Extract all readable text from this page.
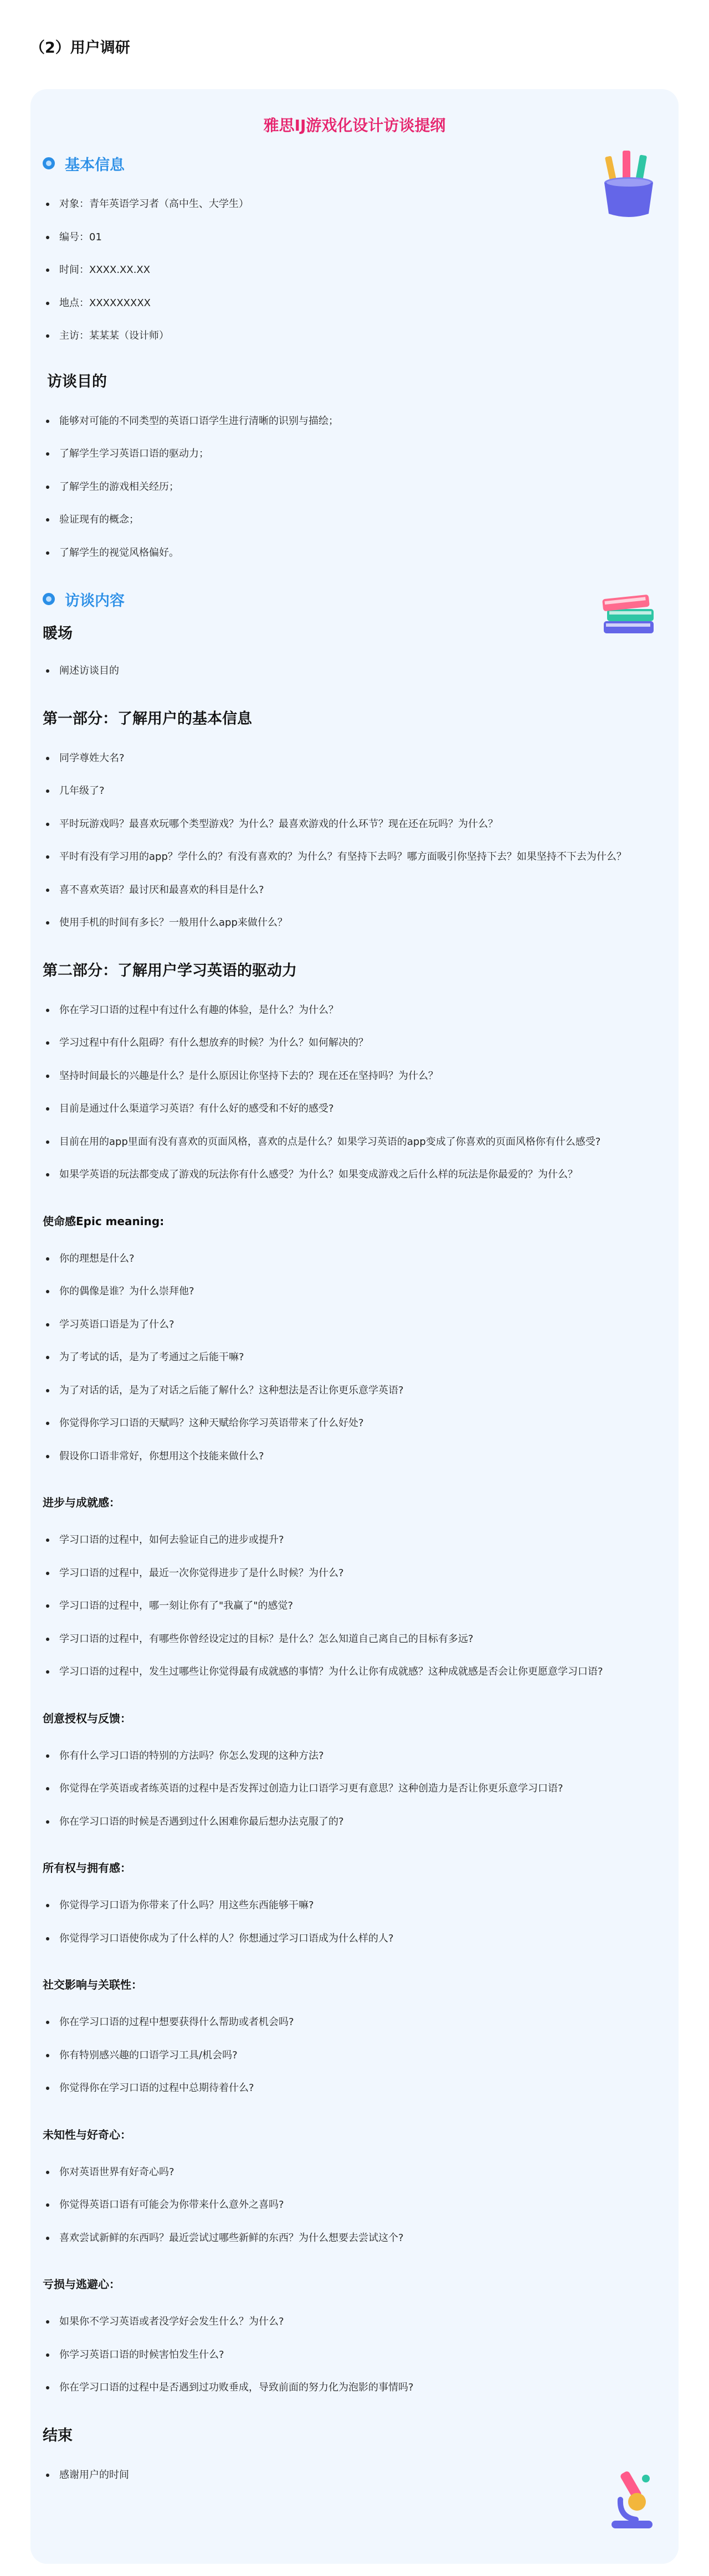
（2）用户调研
雅思IJ游戏化设计访谈提纲
基本信息
对象：青年英语学习者（高中生、大学生）
编号：01
时间：XXXX.XX.XX
地点：XXXXXXXXX
主访：某某某（设计师）
访谈目的
能够对可能的不同类型的英语口语学生进行清晰的识别与描绘；
了解学生学习英语口语的驱动力；
了解学生的游戏相关经历；
验证现有的概念；
了解学生的视觉风格偏好。
访谈内容
暖场
阐述访谈目的
第一部分：了解用户的基本信息
同学尊姓大名?
几年级了?
平时玩游戏吗？最喜欢玩哪个类型游戏？为什么？最喜欢游戏的什么环节？现在还在玩吗？为什么？
平时有没有学习用的app？学什么的？有没有喜欢的？为什么？有坚持下去吗？哪方面吸引你坚持下去？如果坚持不下去为什么？
喜不喜欢英语？最讨厌和最喜欢的科目是什么?
使用手机的时间有多长？一般用什么app来做什么？
第二部分：了解用户学习英语的驱动力
你在学习口语的过程中有过什么有趣的体验，是什么？为什么？
学习过程中有什么阻碍？有什么想放弃的时候？为什么？如何解决的？
坚持时间最长的兴趣是什么？是什么原因让你坚持下去的？现在还在坚持吗？为什么？
目前是通过什么渠道学习英语？有什么好的感受和不好的感受?
目前在用的app里面有没有喜欢的页面风格，喜欢的点是什么？如果学习英语的app变成了你喜欢的页面风格你有什么感受?
如果学英语的玩法都变成了游戏的玩法你有什么感受？为什么？如果变成游戏之后什么样的玩法是你最爱的？为什么？
使命感Epic meaning:
你的理想是什么?
你的偶像是谁？为什么崇拜他?
学习英语口语是为了什么?
为了考试的话，是为了考通过之后能干嘛?
为了对话的话，是为了对话之后能了解什么？这种想法是否让你更乐意学英语?
你觉得你学习口语的天赋吗？这种天赋给你学习英语带来了什么好处?
假设你口语非常好，你想用这个技能来做什么?
进步与成就感：
学习口语的过程中，如何去验证自己的进步或提升?
学习口语的过程中，最近一次你觉得进步了是什么时候？为什么?
学习口语的过程中，哪一刻让你有了"我赢了"的感觉?
学习口语的过程中，有哪些你曾经设定过的目标？是什么？怎么知道自己离自己的目标有多远?
学习口语的过程中，发生过哪些让你觉得最有成就感的事情？为什么让你有成就感？这种成就感是否会让你更愿意学习口语?
创意授权与反馈：
你有什么学习口语的特别的方法吗？你怎么发现的这种方法?
你觉得在学英语或者练英语的过程中是否发挥过创造力让口语学习更有意思？这种创造力是否让你更乐意学习口语?
你在学习口语的时候是否遇到过什么困难你最后想办法克服了的?
所有权与拥有感：
你觉得学习口语为你带来了什么吗？用这些东西能够干嘛?
你觉得学习口语使你成为了什么样的人？你想通过学习口语成为什么样的人?
社交影响与关联性：
你在学习口语的过程中想要获得什么帮助或者机会吗?
你有特别感兴趣的口语学习工具/机会吗?
你觉得你在学习口语的过程中总期待着什么?
未知性与好奇心：
你对英语世界有好奇心吗?
你觉得英语口语有可能会为你带来什么意外之喜吗?
喜欢尝试新鲜的东西吗？最近尝试过哪些新鲜的东西？为什么想要去尝试这个?
亏损与逃避心：
如果你不学习英语或者没学好会发生什么？为什么?
你学习英语口语的时候害怕发生什么?
你在学习口语的过程中是否遇到过功败垂成，导致前面的努力化为泡影的事情吗?
结束
感谢用户的时间
